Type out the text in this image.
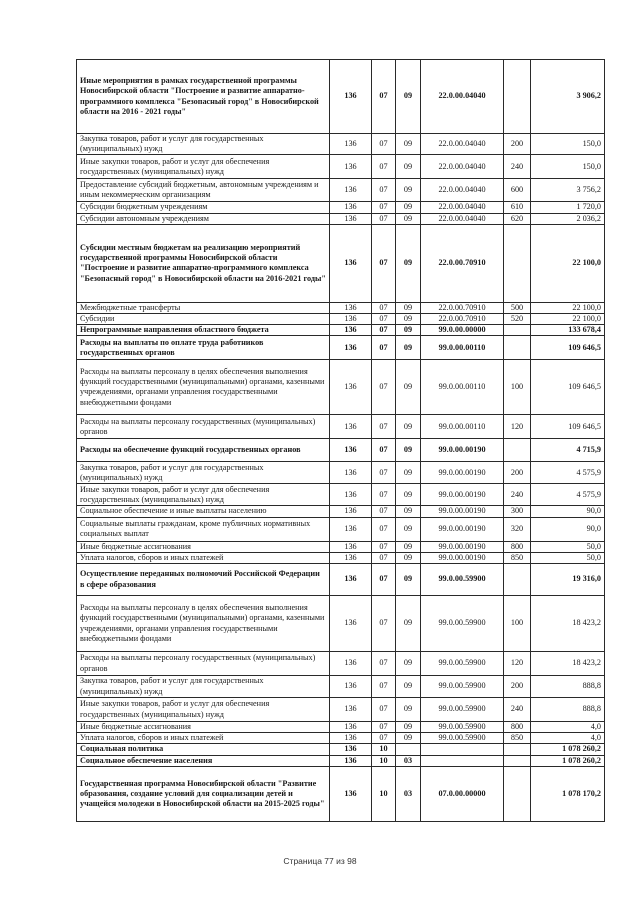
Иные мероприятия в рамках государственной программы Новосибирской области "Построение и развитие аппаратно-программного комплекса "Безопасный город" в Новосибирской области на 2016 - 2021 годы"	136	07	09	22.0.00.04040		3 906,2
Закупка товаров, работ и услуг для государственных (муниципальных) нужд	136	07	09	22.0.00.04040	200	150,0
Иные закупки товаров, работ и услуг для обеспечения государственных (муниципальных) нужд	136	07	09	22.0.00.04040	240	150,0
Предоставление субсидий бюджетным, автономным учреждениям и иным некоммерческим организациям	136	07	09	22.0.00.04040	600	3 756,2
Субсидии бюджетным учреждениям	136	07	09	22.0.00.04040	610	1 720,0
Субсидии автономным учреждениям	136	07	09	22.0.00.04040	620	2 036,2
Субсидии местным бюджетам на реализацию мероприятий государственной программы Новосибирской области "Построение и развитие аппаратно-программного комплекса "Безопасный город" в Новосибирской области на 2016-2021 годы"	136	07	09	22.0.00.70910		22 100,0
Межбюджетные трансферты	136	07	09	22.0.00.70910	500	22 100,0
Субсидии	136	07	09	22.0.00.70910	520	22 100,0
Непрограммные направления областного бюджета	136	07	09	99.0.00.00000		133 678,4
Расходы на выплаты по оплате труда работников государственных органов	136	07	09	99.0.00.00110		109 646,5
Расходы на выплаты персоналу в целях обеспечения выполнения функций государственными (муниципальными) органами, казенными учреждениями, органами управления государственными внебюджетными фондами	136	07	09	99.0.00.00110	100	109 646,5
Расходы на выплаты персоналу государственных (муниципальных) органов	136	07	09	99.0.00.00110	120	109 646,5
Расходы на обеспечение функций государственных органов	136	07	09	99.0.00.00190		4 715,9
Закупка товаров, работ и услуг для государственных (муниципальных) нужд	136	07	09	99.0.00.00190	200	4 575,9
Иные закупки товаров, работ и услуг для обеспечения государственных (муниципальных) нужд	136	07	09	99.0.00.00190	240	4 575,9
Социальное обеспечение и иные выплаты населению	136	07	09	99.0.00.00190	300	90,0
Социальные выплаты гражданам, кроме публичных нормативных социальных выплат	136	07	09	99.0.00.00190	320	90,0
Иные бюджетные ассигнования	136	07	09	99.0.00.00190	800	50,0
Уплата налогов, сборов и иных платежей	136	07	09	99.0.00.00190	850	50,0
Осуществление переданных полномочий Российской Федерации в сфере образования	136	07	09	99.0.00.59900		19 316,0
Расходы на выплаты персоналу в целях обеспечения выполнения функций государственными (муниципальными) органами, казенными учреждениями, органами управления государственными внебюджетными фондами	136	07	09	99.0.00.59900	100	18 423,2
Расходы на выплаты персоналу государственных (муниципальных) органов	136	07	09	99.0.00.59900	120	18 423,2
Закупка товаров, работ и услуг для государственных (муниципальных) нужд	136	07	09	99.0.00.59900	200	888,8
Иные закупки товаров, работ и услуг для обеспечения государственных (муниципальных) нужд	136	07	09	99.0.00.59900	240	888,8
Иные бюджетные ассигнования	136	07	09	99.0.00.59900	800	4,0
Уплата налогов, сборов и иных платежей	136	07	09	99.0.00.59900	850	4,0
Социальная политика	136	10				1 078 260,2
Социальное обеспечение населения	136	10	03			1 078 260,2
Государственная программа Новосибирской области "Развитие образования, создание условий для социализации детей и учащейся молодежи в Новосибирской области на 2015-2025 годы"	136	10	03	07.0.00.00000		1 078 170,2
Страница 77 из 98
